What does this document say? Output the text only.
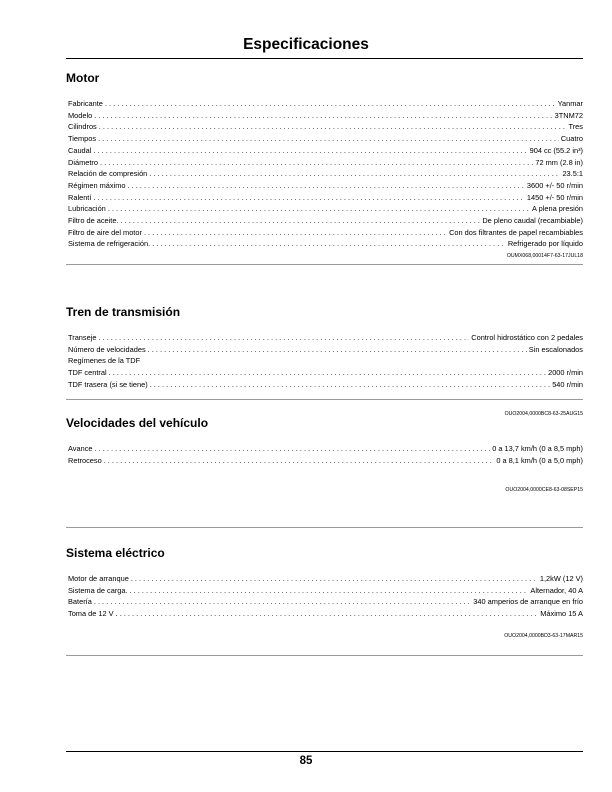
Especificaciones
Motor
Fabricante . . .	Yanmar
Modelo . . .	3TNM72
Cilindros . . .	Tres
Tiempos . . .	Cuatro
Caudal . . .	904 cc (55.2 in³)
Diámetro . . .	72 mm (2.8 in)
Relación de compresión . . .	23.5:1
Régimen máximo . . .	3600 +/- 50 r/min
Ralentí . . .	1450 +/- 50 r/min
Lubricación . . .	A plena presión
Filtro de aceite. . . .	De pleno caudal (recambiable)
Filtro de aire del motor . . .	Con dos filtrantes de papel recambiables
Sistema de refrigeración. . . .	Refrigerado por líquido
OUMX068,00014F7-63-17JUL18
Tren de transmisión
Transeje . . .	Control hidrostático con 2 pedales
Número de velocidades . . .	Sin escalonados
Regímenes de la TDF
TDF central . . .	2000 r/min
TDF trasera (si se tiene) . . .	540 r/min
OUO2004,0000BC8-63-25AUG15
Velocidades del vehículo
Avance . . .	0 a 13,7 km/h (0 a 8,5 mph)
Retroceso . . .	0 a 8,1 km/h (0 a 5,0 mph)
OUO2004,0000CE8-63-08SEP15
Sistema eléctrico
Motor de arranque . . .	1,2kW (12 V)
Sistema de carga. . . .	Alternador, 40 A
Batería . . .	340 amperios de arranque en frío
Toma de 12 V . . .	Máximo 15 A
OUO2004,0000BD3-63-17MAR15
85
